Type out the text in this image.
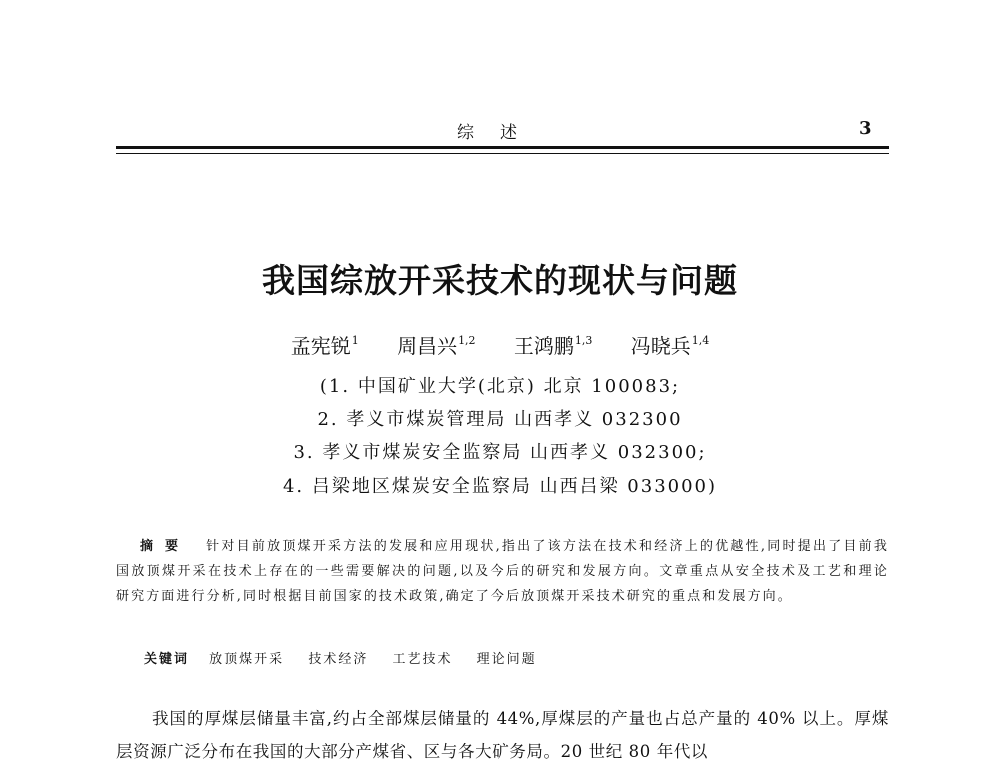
综述	3
我国综放开采技术的现状与问题
孟宪锐$^1$ 周昌兴$^{1,2}$ 王鸿鹏$^{1,3}$ 冯晓兵$^{1,4}$
(1. 中国矿业大学(北京) 北京 100083;
2. 孝义市煤炭管理局 山西孝义 032300
3. 孝义市煤炭安全监察局 山西孝义 032300;
4. 吕梁地区煤炭安全监察局 山西吕梁 033000)
摘要 针对目前放顶煤开采方法的发展和应用现状,指出了该方法在技术和经济上的优越性,同时提出了目前我国放顶煤开采在技术上存在的一些需要解决的问题,以及今后的研究和发展方向。文章重点从安全技术及工艺和理论研究方面进行分析,同时根据目前国家的技术政策,确定了今后放顶煤开采技术研究的重点和发展方向。
关键词 放顶煤开采 技术经济 工艺技术 理论问题

我国的厚煤层储量丰富,约占全部煤层储量的 44%,厚煤层的产量也占总产量的 40% 以上。厚煤层资源广泛分布在我国的大部分产煤省、区与各大矿务局。20 世纪 80 年代以
